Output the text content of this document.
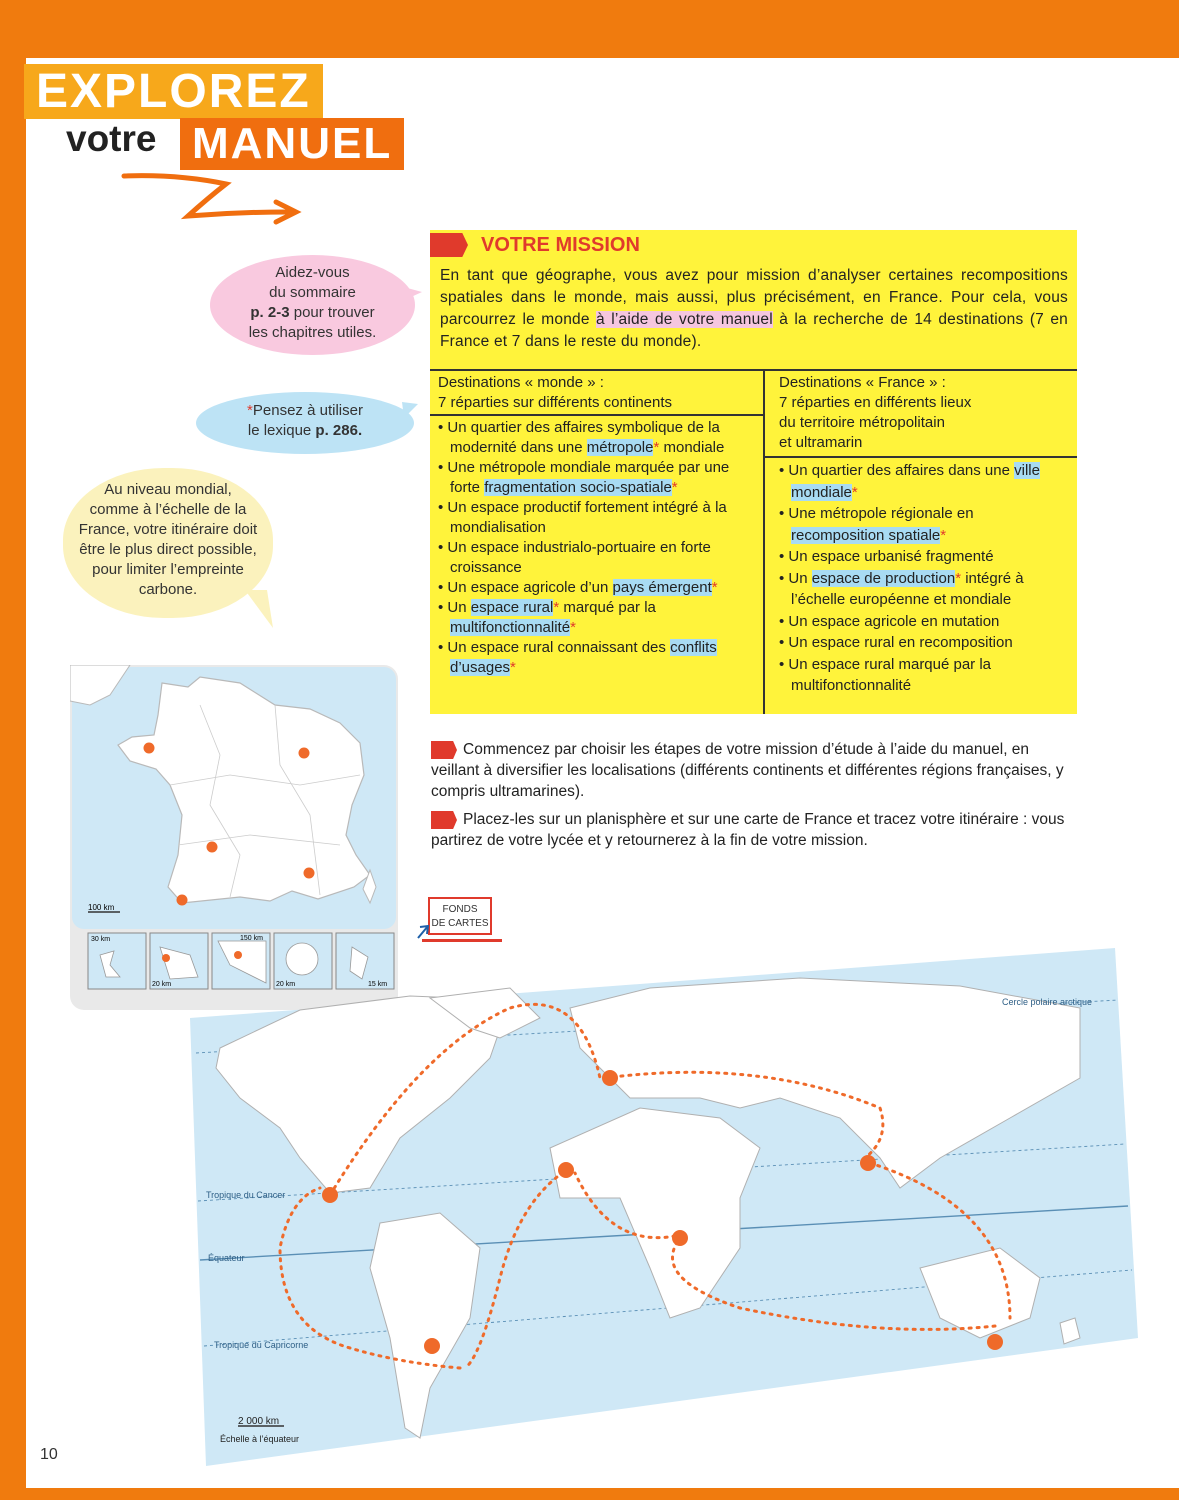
EXPLOREZ
votre MANUEL
Aidez-vous
du sommaire
p. 2-3 pour trouver
les chapitres utiles.
*Pensez à utiliser
le lexique p. 286.
Au niveau mondial,
comme à l’échelle de la
France, votre itinéraire doit
être le plus direct possible,
pour limiter l’empreinte
carbone.
VOTRE MISSION
En tant que géographe, vous avez pour mission d’analyser certaines recompositions spatiales dans le monde, mais aussi, plus précisément, en France. Pour cela, vous parcourrez le monde à l’aide de votre manuel à la recherche de 14 destinations (7 en France et 7 dans le reste du monde).
Destinations « monde » :
7 réparties sur différents continents
Destinations « France » :
7 réparties en différents lieux
du territoire métropolitain
et ultramarin
• Un quartier des affaires symbolique de la modernité dans une métropole* mondiale
• Une métropole mondiale marquée par une forte fragmentation socio-spatiale*
• Un espace productif fortement intégré à la mondialisation
• Un espace industrialo-portuaire en forte croissance
• Un espace agricole d’un pays émergent*
• Un espace rural* marqué par la multifonctionnalité*
• Un espace rural connaissant des conflits d’usages*
• Un quartier des affaires dans une ville mondiale*
• Une métropole régionale en recomposition spatiale*
• Un espace urbanisé fragmenté
• Un espace de production* intégré à l’échelle européenne et mondiale
• Un espace agricole en mutation
• Un espace rural en recomposition
• Un espace rural marqué par la multifonctionnalité
Commencez par choisir les étapes de votre mission d’étude à l’aide du manuel, en veillant à diversifier les localisations (différents continents et différentes régions françaises, y compris ultramarines).
Placez-les sur un planisphère et sur une carte de France et tracez votre itinéraire : vous partirez de votre lycée et y retournerez à la fin de votre mission.
FONDS
DE CARTES
100 km
30 km
20 km
150 km
20 km	15 km
Cercle polaire arctique
Tropique du Cancer
Équateur
Tropique du Capricorne
2 000 km
Échelle à l’équateur
10
